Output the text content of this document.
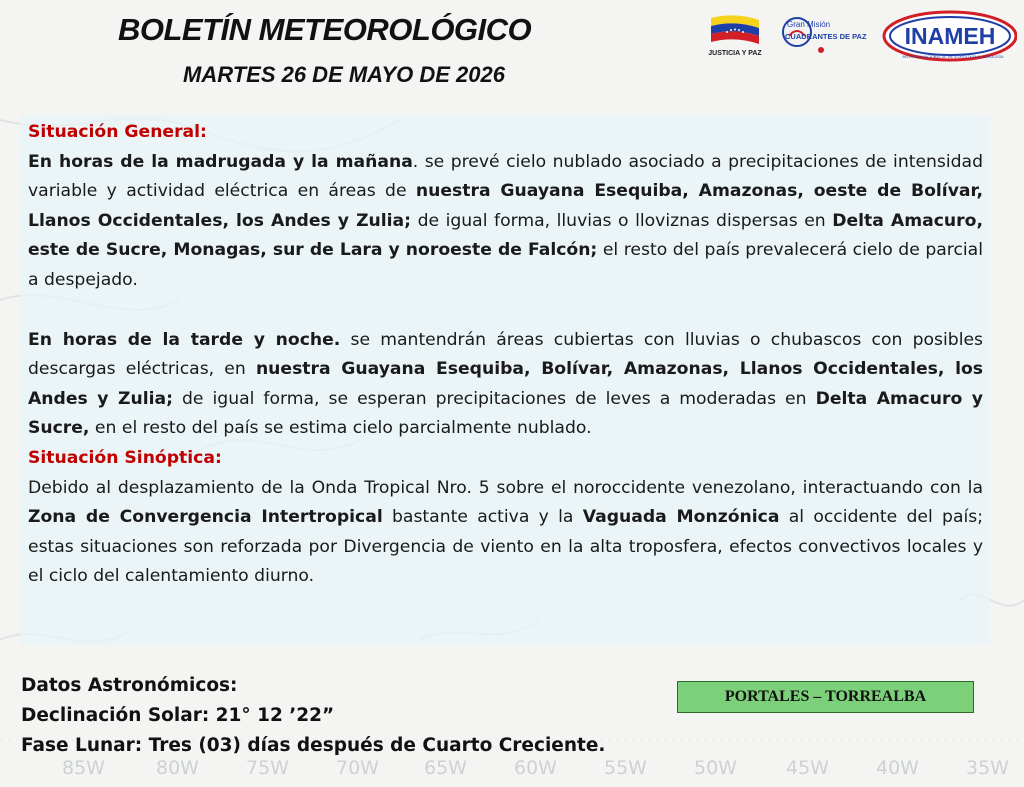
85W	80W 75W 70W 65W 60W 55W 50W	45W 40W 35W
BOLETÍN METEOROLÓGICO
MARTES 26 DE MAYO DE 2026
JUSTICIA Y PAZ
Gran Misión
CUADRANTES DE PAZ INAMEH
INSTITUTO NACIONAL DE METEOROLOGÍA E HIDROLOGÍA

Situación General:

En horas de la madrugada y la mañana. se prevé cielo nublado asociado a precipitaciones de intensidad variable y actividad eléctrica en áreas de nuestra Guayana Esequiba, Amazonas, oeste de Bolívar, Llanos Occidentales, los Andes y Zulia; de igual forma, lluvias o lloviznas dispersas en Delta Amacuro, este de Sucre, Monagas, sur de Lara y noroeste de Falcón; el resto del país prevalecerá cielo de parcial a despejado.

En horas de la tarde y noche. se mantendrán áreas cubiertas con lluvias o chubascos con posibles descargas eléctricas, en nuestra Guayana Esequiba, Bolívar, Amazonas, Llanos Occidentales, los Andes y Zulia; de igual forma, se esperan precipitaciones de leves a moderadas en Delta Amacuro y Sucre, en el resto del país se estima cielo parcialmente nublado.

Situación Sinóptica:

Debido al desplazamiento de la Onda Tropical Nro. 5 sobre el noroccidente venezolano, interactuando con la Zona de Convergencia Intertropical bastante activa y la Vaguada Monzónica al occidente del país; estas situaciones son reforzada por Divergencia de viento en la alta troposfera, efectos convectivos locales y el ciclo del calentamiento diurno.

Datos Astronómicos:
Declinación Solar: 21° 12 ’22”
Fase Lunar: Tres (03) días después de Cuarto Creciente.
PORTALES – TORREALBA
